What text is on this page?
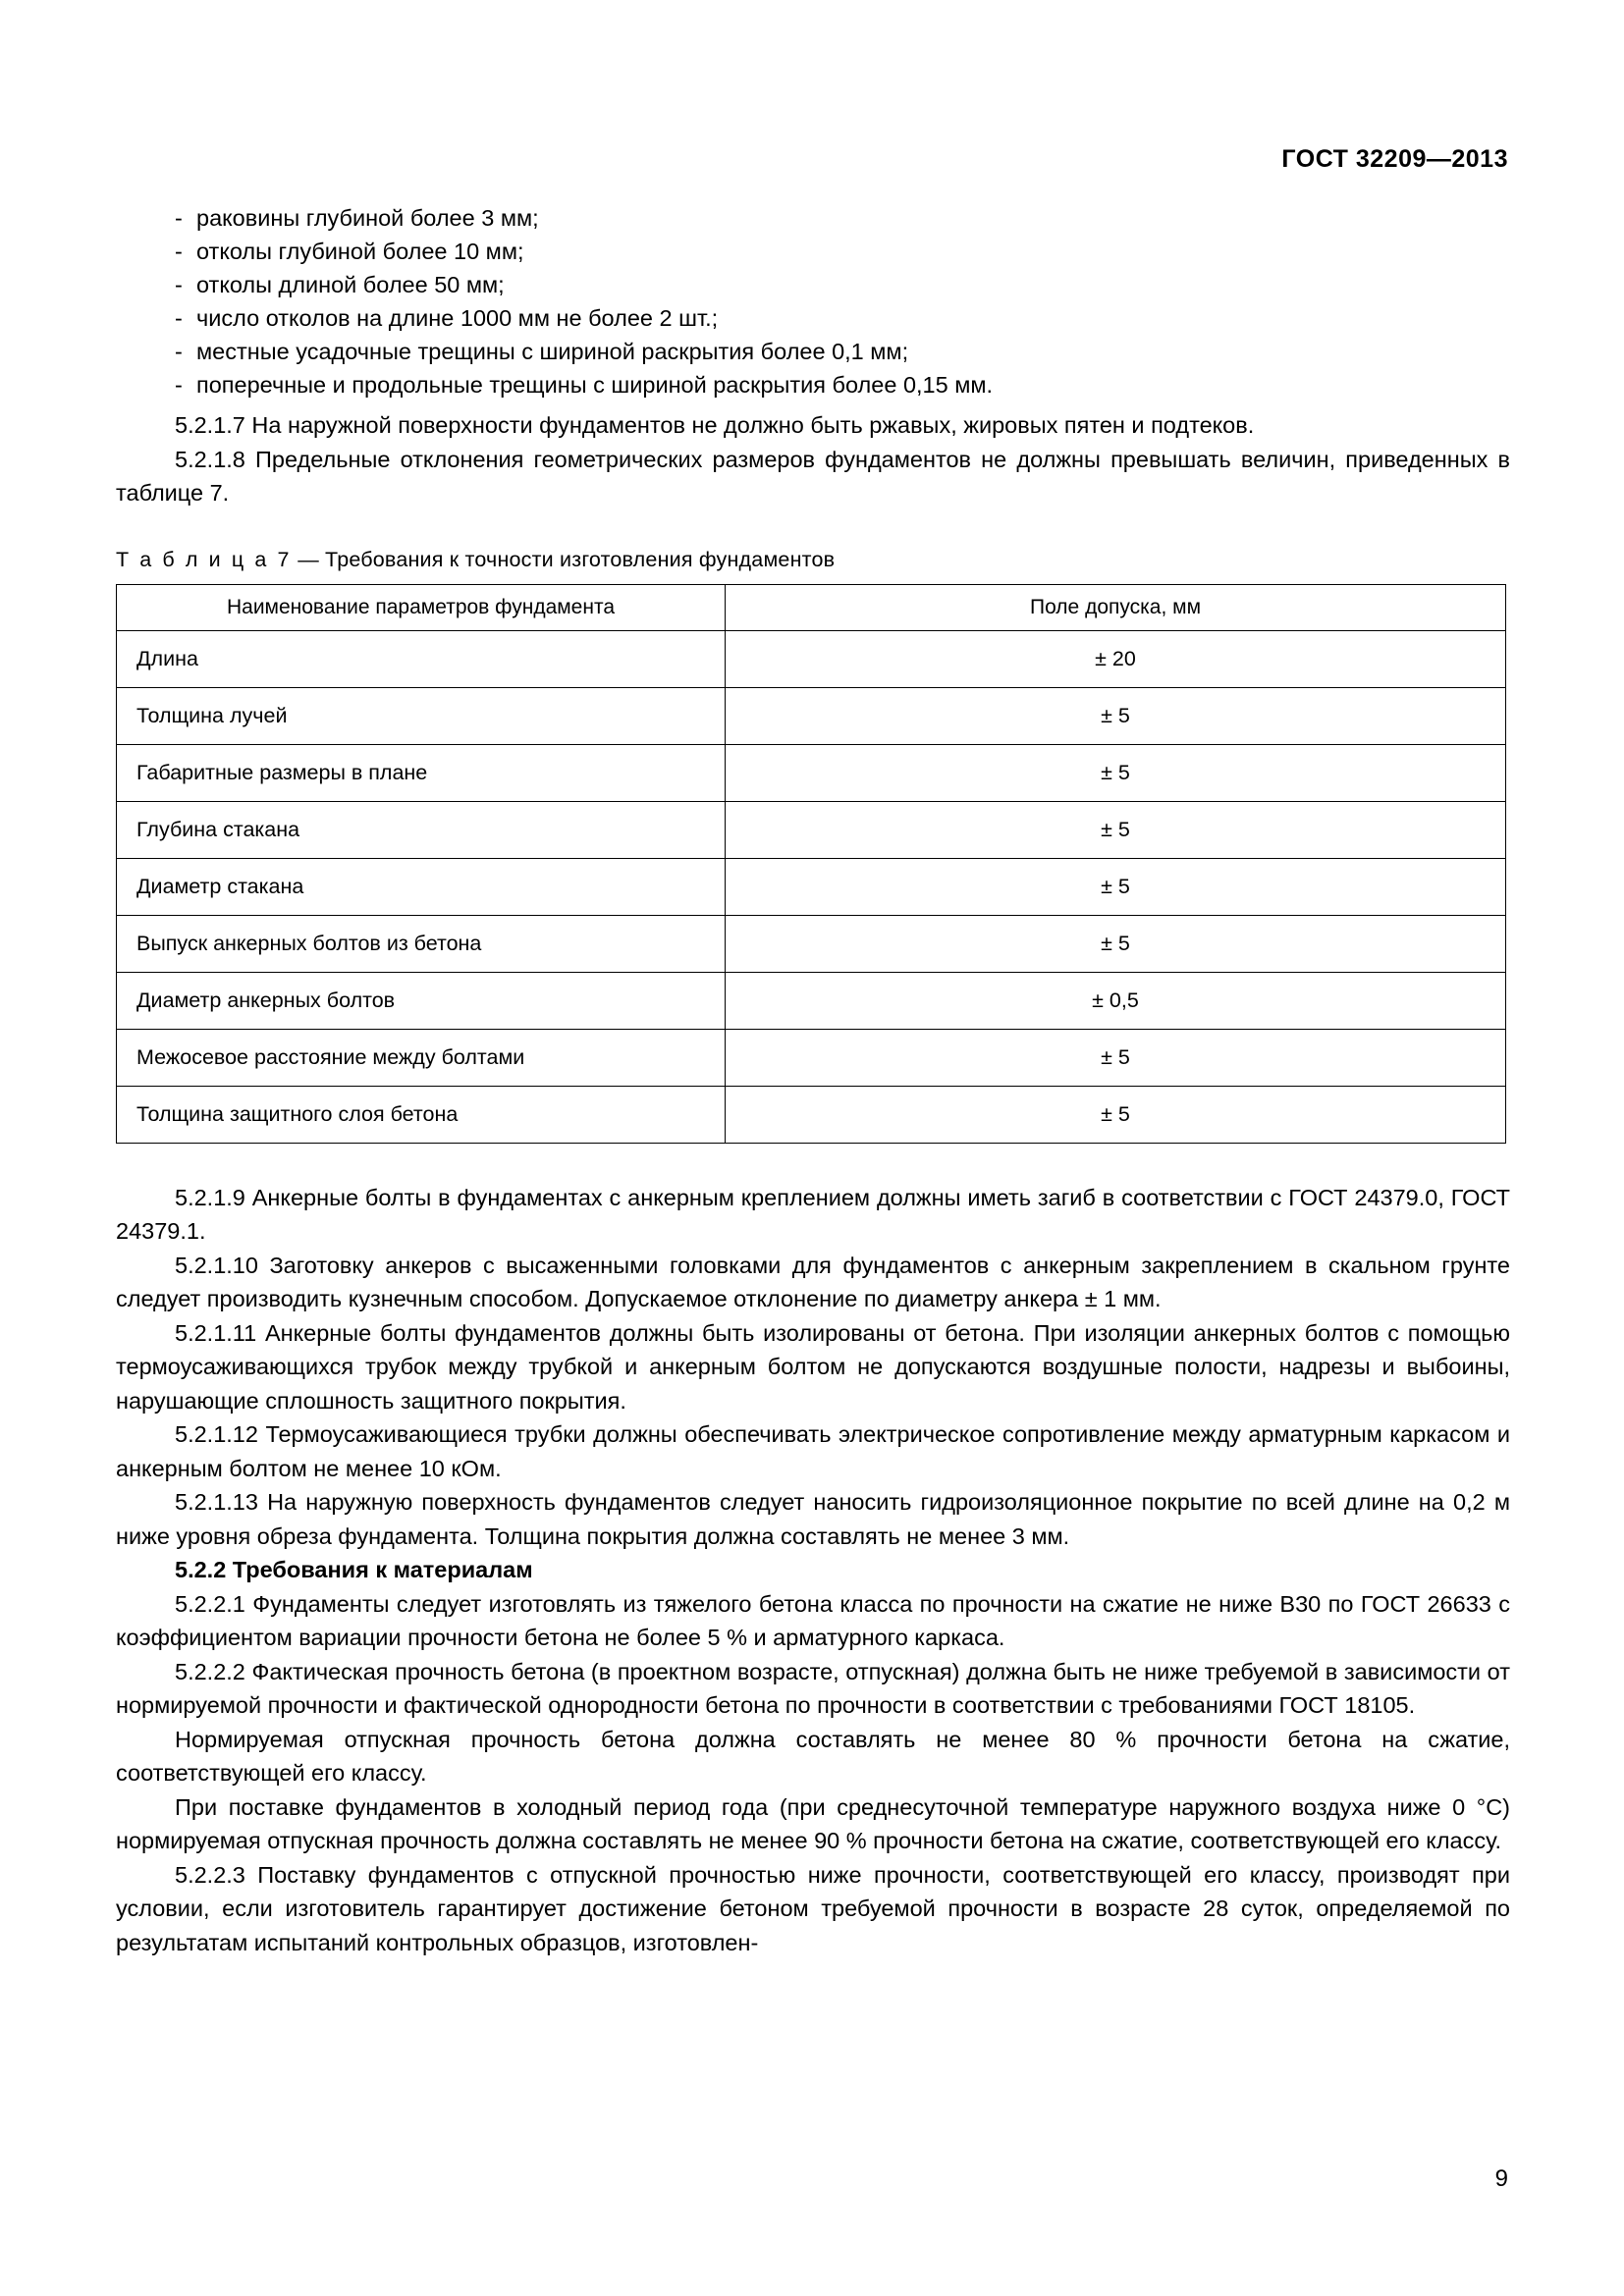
ГОСТ 32209—2013
- раковины глубиной более 3 мм;
- отколы глубиной более 10 мм;
- отколы длиной более 50 мм;
- число отколов на длине 1000 мм не более 2 шт.;
- местные усадочные трещины с шириной раскрытия более 0,1 мм;
- поперечные и продольные трещины с шириной раскрытия более 0,15 мм.

5.2.1.7 На наружной поверхности фундаментов не должно быть ржавых, жировых пятен и подтеков.

5.2.1.8 Предельные отклонения геометрических размеров фундаментов не должны превышать величин, приведенных в таблице 7.

Т а б л и ц а 7 — Требования к точности изготовления фундаментов
Наименование параметров фундамента	Поле допуска, мм
Длина	± 20
Толщина лучей	± 5
Габаритные размеры в плане	± 5
Глубина стакана	± 5
Диаметр стакана	± 5
Выпуск анкерных болтов из бетона	± 5
Диаметр анкерных болтов	± 0,5
Межосевое расстояние между болтами	± 5
Толщина защитного слоя бетона	± 5

5.2.1.9 Анкерные болты в фундаментах с анкерным креплением должны иметь загиб в соответствии с ГОСТ 24379.0, ГОСТ 24379.1.

5.2.1.10 Заготовку анкеров с высаженными головками для фундаментов с анкерным закреплением в скальном грунте следует производить кузнечным способом. Допускаемое отклонение по диаметру анкера ± 1 мм.

5.2.1.11 Анкерные болты фундаментов должны быть изолированы от бетона. При изоляции анкерных болтов с помощью термоусаживающихся трубок между трубкой и анкерным болтом не допускаются воздушные полости, надрезы и выбоины, нарушающие сплошность защитного покрытия.

5.2.1.12 Термоусаживающиеся трубки должны обеспечивать электрическое сопротивление между арматурным каркасом и анкерным болтом не менее 10 кОм.

5.2.1.13 На наружную поверхность фундаментов следует наносить гидроизоляционное покрытие по всей длине на 0,2 м ниже уровня обреза фундамента. Толщина покрытия должна составлять не менее 3 мм.

5.2.2 Требования к материалам

5.2.2.1 Фундаменты следует изготовлять из тяжелого бетона класса по прочности на сжатие не ниже В30 по ГОСТ 26633 с коэффициентом вариации прочности бетона не более 5 % и арматурного каркаса.

5.2.2.2 Фактическая прочность бетона (в проектном возрасте, отпускная) должна быть не ниже требуемой в зависимости от нормируемой прочности и фактической однородности бетона по прочности в соответствии с требованиями ГОСТ 18105.

Нормируемая отпускная прочность бетона должна составлять не менее 80 % прочности бетона на сжатие, соответствующей его классу.

При поставке фундаментов в холодный период года (при среднесуточной температуре наружного воздуха ниже 0 °С) нормируемая отпускная прочность должна составлять не менее 90 % прочности бетона на сжатие, соответствующей его классу.

5.2.2.3 Поставку фундаментов с отпускной прочностью ниже прочности, соответствующей его классу, производят при условии, если изготовитель гарантирует достижение бетоном требуемой прочности в возрасте 28 суток, определяемой по результатам испытаний контрольных образцов, изготовлен-

9
